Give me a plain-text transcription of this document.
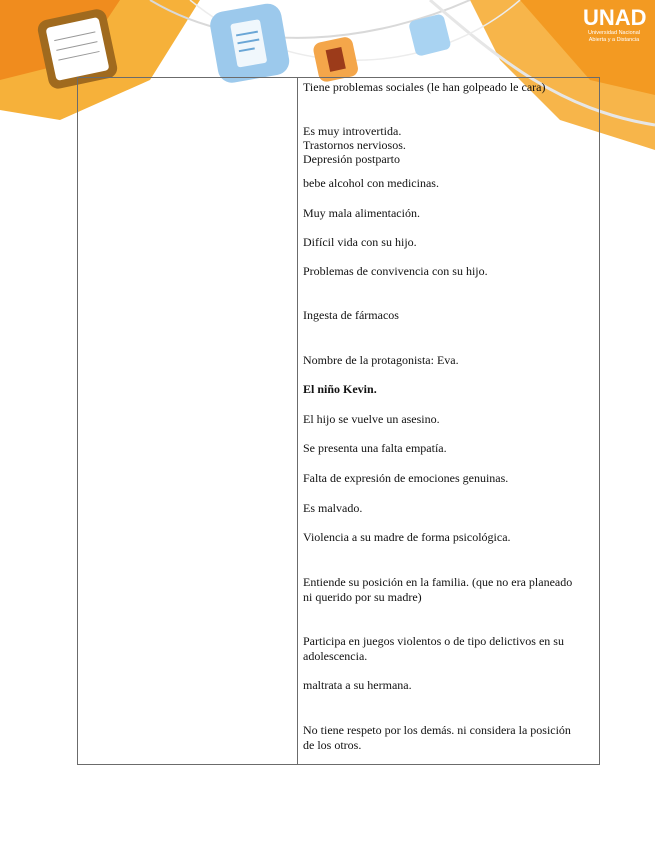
UNAD
Universidad Nacional Abierta y a Distancia
Tiene problemas sociales (le han golpeado le cara)
Es muy introvertida.
Trastornos nerviosos.
Depresión postparto
bebe alcohol con medicinas.
Muy mala alimentación.
Difícil vida con su hijo.
Problemas de convivencia con su hijo.
Ingesta de fármacos
Nombre de la protagonista: Eva.
El niño Kevin.
El hijo se vuelve un asesino.
Se presenta una falta empatía.
Falta de expresión de emociones genuinas.
Es malvado.
Violencia a su madre de forma psicológica.
Entiende su posición en la familia. (que no era planeado
ni querido por su madre)
Participa en juegos violentos o de tipo delictivos en su
adolescencia.
maltrata a su hermana.
No tiene respeto por los demás. ni considera la posición
de los otros.
